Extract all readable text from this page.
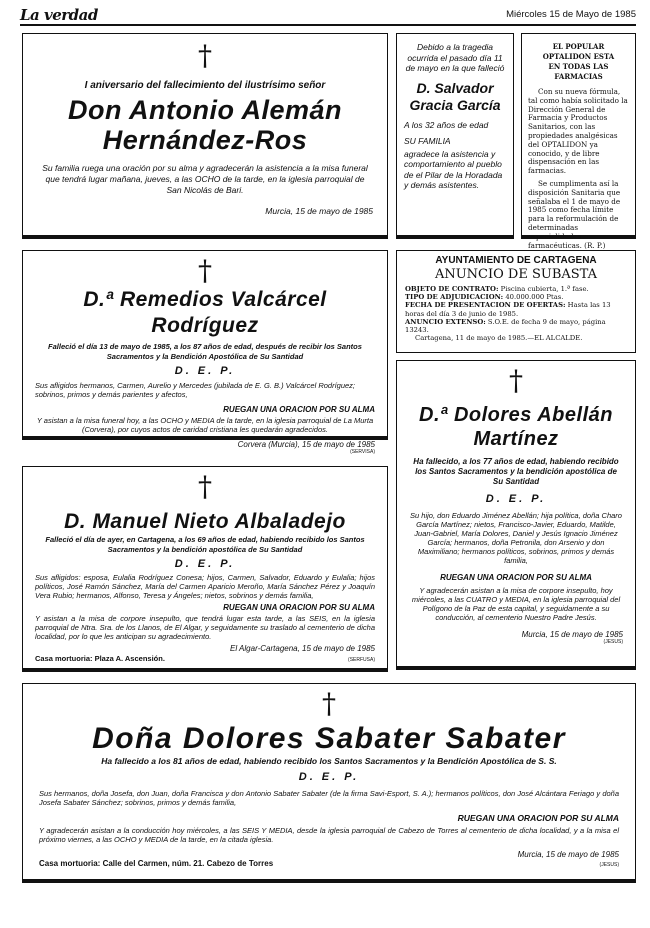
La verdad	Miércoles 15 de Mayo de 1985
†
I aniversario del fallecimiento del ilustrísimo señor
Don Antonio Alemán
Hernández-Ros
Su familia ruega una oración por su alma y agradecerán la asistencia a la misa funeral que tendrá lugar mañana, jueves, a las OCHO de la tarde, en la iglesia parroquial de San Nicolás de Bari.
Murcia, 15 de mayo de 1985
Debido a la tragedia ocurrida el pasado día 11 de mayo en la que falleció
D. Salvador Gracia García
A los 32 años de edad
SU FAMILIA
agradece la asistencia y comportamiento al pueblo de el Pilar de la Horadada y demás asistentes.
EL POPULAR OPTALIDON ESTA
EN TODAS LAS FARMACIAS
Con su nueva fórmula, tal como había solicitado la Dirección General de Farmacia y Productos Sanitarios, con las propiedades analgésicas del OPTALIDON ya conocido, y de libre dispensación en las farmacias.
Se cumplimenta así la disposición Sanitaria que señalaba el 1 de mayo de 1985 como fecha límite para la reformulación de determinadas especialidades farmacéuticas. (R. P.)
†
D.ª Remedios Valcárcel Rodríguez
Falleció el día 13 de mayo de 1985, a los 87 años de edad, después de recibir los Santos Sacramentos y la Bendición Apostólica de Su Santidad
D. E. P.
Sus afligidos hermanos, Carmen, Aurelio y Mercedes (jubilada de E. G. B.) Valcárcel Rodríguez; sobrinos, primos y demás parientes y afectos,
RUEGAN UNA ORACION POR SU ALMA
Y asistan a la misa funeral hoy, a las OCHO y MEDIA de la tarde, en la iglesia parroquial de La Murta (Corvera), por cuyos actos de caridad cristiana les quedarán agradecidos.
Corvera (Murcia), 15 de mayo de 1985
(SERVISA)
AYUNTAMIENTO DE CARTAGENA
ANUNCIO DE SUBASTA
OBJETO DE CONTRATO: Piscina cubierta, 1.ª fase.
TIPO DE ADJUDICACION: 40.000.000 Ptas.
FECHA DE PRESENTACION DE OFERTAS: Hasta las 13 horas del día 3 de junio de 1985.
ANUNCIO EXTENSO: S.O.E. de fecha 9 de mayo, página 13243.
Cartagena, 11 de mayo de 1985.—EL ALCALDE.
†
D.ª Dolores Abellán
Martínez
Ha fallecido, a los 77 años de edad, habiendo recibido los Santos Sacramentos y la bendición apostólica de Su Santidad
D. E. P.
Su hijo, don Eduardo Jiménez Abellán; hija política, doña Charo García Martínez; nietos, Francisco-Javier, Eduardo, Matilde, Juan-Gabriel, María Dolores, Daniel y Jesús Ignacio Jiménez García; hermanos, doña Petronila, don Arsenio y don Maximiliano; hermanos políticos, sobrinos, primos y demás familia,
RUEGAN UNA ORACION POR SU ALMA
Y agradecerán asistan a la misa de corpore insepulto, hoy miércoles, a las CUATRO y MEDIA, en la iglesia parroquial del Polígono de la Paz de esta capital, y seguidamente a su conducción, al cementerio Nuestro Padre Jesús.
Murcia, 15 de mayo de 1985
(JESUS)
†
D. Manuel Nieto Albaladejo
Falleció el día de ayer, en Cartagena, a los 69 años de edad, habiendo recibido los Santos Sacramentos y la bendición apostólica de Su Santidad
D. E. P.
Sus afligidos: esposa, Eulalia Rodríguez Conesa; hijos, Carmen, Salvador, Eduardo y Eulalia; hijos políticos, José Ramón Sánchez, María del Carmen Aparicio Meroño, María Sánchez Pérez y Joaquín Vera Rubio; hermanos, Alfonso, Teresa y Ángeles; nietos, sobrinos y demás familia,
RUEGAN UNA ORACION POR SU ALMA
Y asistan a la misa de corpore insepulto, que tendrá lugar esta tarde, a las SEIS, en la iglesia parroquial de Ntra. Sra. de los Llanos, de El Algar, y seguidamente su traslado al cementerio de dicha localidad, por lo que les anticipan su agradecimiento.
El Algar-Cartagena, 15 de mayo de 1985
Casa mortuoria: Plaza A. Ascensión.	(SERFUSA)
†
Doña Dolores Sabater Sabater
Ha fallecido a los 81 años de edad, habiendo recibido los Santos Sacramentos y la Bendición Apostólica de S. S.
D. E. P.
Sus hermanos, doña Josefa, don Juan, doña Francisca y don Antonio Sabater Sabater (de la firma Savi-Esport, S. A.); hermanos políticos, don José Alcántara Feriago y doña Josefa Sabater Sánchez; sobrinos, primos y demás familia,
RUEGAN UNA ORACION POR SU ALMA
Y agradecerán asistan a la conducción hoy miércoles, a las SEIS Y MEDIA, desde la iglesia parroquial de Cabezo de Torres al cementerio de dicha localidad, y a la misa el próximo viernes, a las OCHO y MEDIA de la tarde, en la citada iglesia.
Murcia, 15 de mayo de 1985
Casa mortuoria: Calle del Carmen, núm. 21. Cabezo de Torres	(JESUS)
